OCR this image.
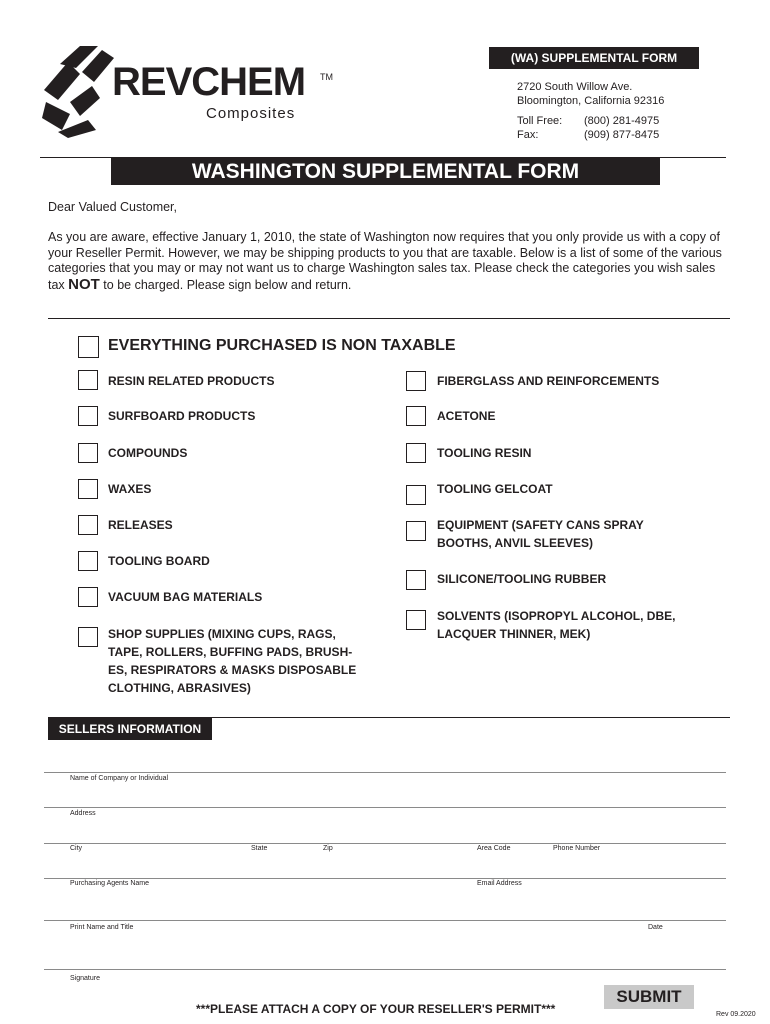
REVCHEM TM
Composites
(WA) SUPPLEMENTAL FORM
2720 South Willow Ave.
Bloomington, California 92316
Toll Free: (800) 281-4975
Fax:	(909) 877-8475
WASHINGTON SUPPLEMENTAL FORM
Dear Valued Customer,
As you are aware, effective January 1, 2010, the state of Washington now requires that you only provide us with a copy of your Reseller Permit. However, we may be shipping products to you that are taxable. Below is a list of some of the various categories that you may or may not want us to charge Washington sales tax. Please check the categories you wish sales tax NOT to be charged. Please sign below and return.
EVERYTHING PURCHASED IS NON TAXABLE
RESIN RELATED PRODUCTS
SURFBOARD PRODUCTS
COMPOUNDS
WAXES
RELEASES
TOOLING BOARD
VACUUM BAG MATERIALS
SHOP SUPPLIES (MIXING CUPS, RAGS,
TAPE, ROLLERS, BUFFING PADS, BRUSH-
ES, RESPIRATORS & MASKS DISPOSABLE
CLOTHING, ABRASIVES)
FIBERGLASS AND REINFORCEMENTS
ACETONE
TOOLING RESIN
TOOLING GELCOAT
EQUIPMENT (SAFETY CANS SPRAY
BOOTHS, ANVIL SLEEVES)
SILICONE/TOOLING RUBBER
SOLVENTS (ISOPROPYL ALCOHOL, DBE,
LACQUER THINNER, MEK)
SELLERS INFORMATION
Name of Company or Individual
Address
City	State	Zip	Area Code	Phone Number
Purchasing Agents Name	Email Address
Print Name and Title	Date
Signature
***PLEASE ATTACH A COPY OF YOUR RESELLER'S PERMIT***
SUBMIT
Rev 09.2020
